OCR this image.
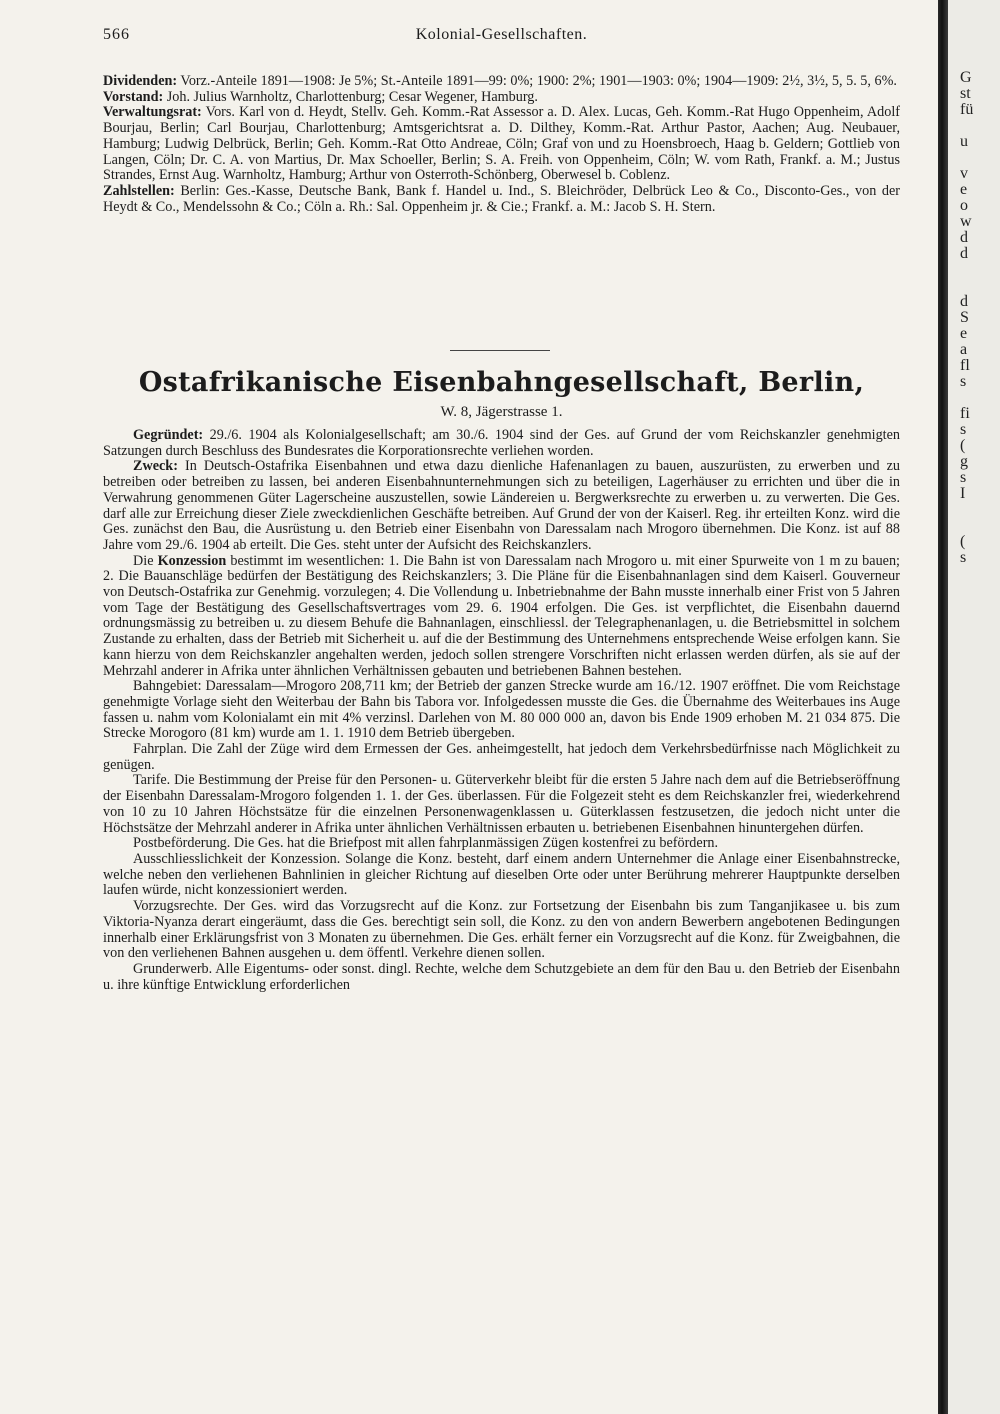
566	Kolonial-Gesellschaften.

Dividenden: Vorz.-Anteile 1891—1908: Je 5%; St.-Anteile 1891—99: 0%; 1900: 2%; 1901—1903: 0%; 1904—1909: 2½, 3½, 5, 5. 5, 6%.

Vorstand: Joh. Julius Warnholtz, Charlottenburg; Cesar Wegener, Hamburg.

Verwaltungsrat: Vors. Karl von d. Heydt, Stellv. Geh. Komm.-Rat Assessor a. D. Alex. Lucas, Geh. Komm.-Rat Hugo Oppenheim, Adolf Bourjau, Berlin; Carl Bourjau, Charlottenburg; Amtsgerichtsrat a. D. Dilthey, Komm.-Rat. Arthur Pastor, Aachen; Aug. Neubauer, Hamburg; Ludwig Delbrück, Berlin; Geh. Komm.-Rat Otto Andreae, Cöln; Graf von und zu Hoensbroech, Haag b. Geldern; Gottlieb von Langen, Cöln; Dr. C. A. von Martius, Dr. Max Schoeller, Berlin; S. A. Freih. von Oppenheim, Cöln; W. vom Rath, Frankf. a. M.; Justus Strandes, Ernst Aug. Warnholtz, Hamburg; Arthur von Osterroth-Schönberg, Oberwesel b. Coblenz.

Zahlstellen: Berlin: Ges.-Kasse, Deutsche Bank, Bank f. Handel u. Ind., S. Bleichröder, Delbrück Leo & Co., Disconto-Ges., von der Heydt & Co., Mendelssohn & Co.; Cöln a. Rh.: Sal. Oppenheim jr. & Cie.; Frankf. a. M.: Jacob S. H. Stern.

Ostafrikanische Eisenbahngesellschaft, Berlin,
W. 8, Jägerstrasse 1.

Gegründet: 29./6. 1904 als Kolonialgesellschaft; am 30./6. 1904 sind der Ges. auf Grund der vom Reichskanzler genehmigten Satzungen durch Beschluss des Bundesrates die Korporationsrechte verliehen worden.

Zweck: In Deutsch-Ostafrika Eisenbahnen und etwa dazu dienliche Hafenanlagen zu bauen, auszurüsten, zu erwerben und zu betreiben oder betreiben zu lassen, bei anderen Eisenbahnunternehmungen sich zu beteiligen, Lagerhäuser zu errichten und über die in Verwahrung genommenen Güter Lagerscheine auszustellen, sowie Ländereien u. Bergwerksrechte zu erwerben u. zu verwerten. Die Ges. darf alle zur Erreichung dieser Ziele zweckdienlichen Geschäfte betreiben. Auf Grund der von der Kaiserl. Reg. ihr erteilten Konz. wird die Ges. zunächst den Bau, die Ausrüstung u. den Betrieb einer Eisenbahn von Daressalam nach Mrogoro übernehmen. Die Konz. ist auf 88 Jahre vom 29./6. 1904 ab erteilt. Die Ges. steht unter der Aufsicht des Reichskanzlers.

Die Konzession bestimmt im wesentlichen: 1. Die Bahn ist von Daressalam nach Mrogoro u. mit einer Spurweite von 1 m zu bauen; 2. Die Bauanschläge bedürfen der Bestätigung des Reichskanzlers; 3. Die Pläne für die Eisenbahnanlagen sind dem Kaiserl. Gouverneur von Deutsch-Ostafrika zur Genehmig. vorzulegen; 4. Die Vollendung u. Inbetriebnahme der Bahn musste innerhalb einer Frist von 5 Jahren vom Tage der Bestätigung des Gesellschaftsvertrages vom 29. 6. 1904 erfolgen. Die Ges. ist verpflichtet, die Eisenbahn dauernd ordnungsmässig zu betreiben u. zu diesem Behufe die Bahnanlagen, einschliessl. der Telegraphenanlagen, u. die Betriebsmittel in solchem Zustande zu erhalten, dass der Betrieb mit Sicherheit u. auf die der Bestimmung des Unternehmens entsprechende Weise erfolgen kann. Sie kann hierzu von dem Reichskanzler angehalten werden, jedoch sollen strengere Vorschriften nicht erlassen werden dürfen, als sie auf der Mehrzahl anderer in Afrika unter ähnlichen Verhältnissen gebauten und betriebenen Bahnen bestehen.

Bahngebiet: Daressalam—Mrogoro 208,711 km; der Betrieb der ganzen Strecke wurde am 16./12. 1907 eröffnet. Die vom Reichstage genehmigte Vorlage sieht den Weiterbau der Bahn bis Tabora vor. Infolgedessen musste die Ges. die Übernahme des Weiterbaues ins Auge fassen u. nahm vom Kolonialamt ein mit 4% verzinsl. Darlehen von M. 80 000 000 an, davon bis Ende 1909 erhoben M. 21 034 875. Die Strecke Morogoro (81 km) wurde am 1. 1. 1910 dem Betrieb übergeben.

Fahrplan. Die Zahl der Züge wird dem Ermessen der Ges. anheimgestellt, hat jedoch dem Verkehrsbedürfnisse nach Möglichkeit zu genügen.

Tarife. Die Bestimmung der Preise für den Personen- u. Güterverkehr bleibt für die ersten 5 Jahre nach dem auf die Betriebseröffnung der Eisenbahn Daressalam-Mrogoro folgenden 1. 1. der Ges. überlassen. Für die Folgezeit steht es dem Reichskanzler frei, wiederkehrend von 10 zu 10 Jahren Höchstsätze für die einzelnen Personenwagenklassen u. Güterklassen festzusetzen, die jedoch nicht unter die Höchstsätze der Mehrzahl anderer in Afrika unter ähnlichen Verhältnissen erbauten u. betriebenen Eisenbahnen hinuntergehen dürfen.

Postbeförderung. Die Ges. hat die Briefpost mit allen fahrplanmässigen Zügen kostenfrei zu befördern.

Ausschliesslichkeit der Konzession. Solange die Konz. besteht, darf einem andern Unternehmer die Anlage einer Eisenbahnstrecke, welche neben den verliehenen Bahnlinien in gleicher Richtung auf dieselben Orte oder unter Berührung mehrerer Hauptpunkte derselben laufen würde, nicht konzessioniert werden.

Vorzugsrechte. Der Ges. wird das Vorzugsrecht auf die Konz. zur Fortsetzung der Eisenbahn bis zum Tanganjikasee u. bis zum Viktoria-Nyanza derart eingeräumt, dass die Ges. berechtigt sein soll, die Konz. zu den von andern Bewerbern angebotenen Bedingungen innerhalb einer Erklärungsfrist von 3 Monaten zu übernehmen. Die Ges. erhält ferner ein Vorzugsrecht auf die Konz. für Zweigbahnen, die von den verliehenen Bahnen ausgehen u. dem öffentl. Verkehre dienen sollen.

Grunderwerb. Alle Eigentums- oder sonst. dingl. Rechte, welche dem Schutzgebiete an dem für den Bau u. den Betrieb der Eisenbahn u. ihre künftige Entwicklung erforderlichen

G
st
fü
u
v
e
o
w
d
d
d
S
e
a
fl
s
fi
s
(
g
s
I
(
s
